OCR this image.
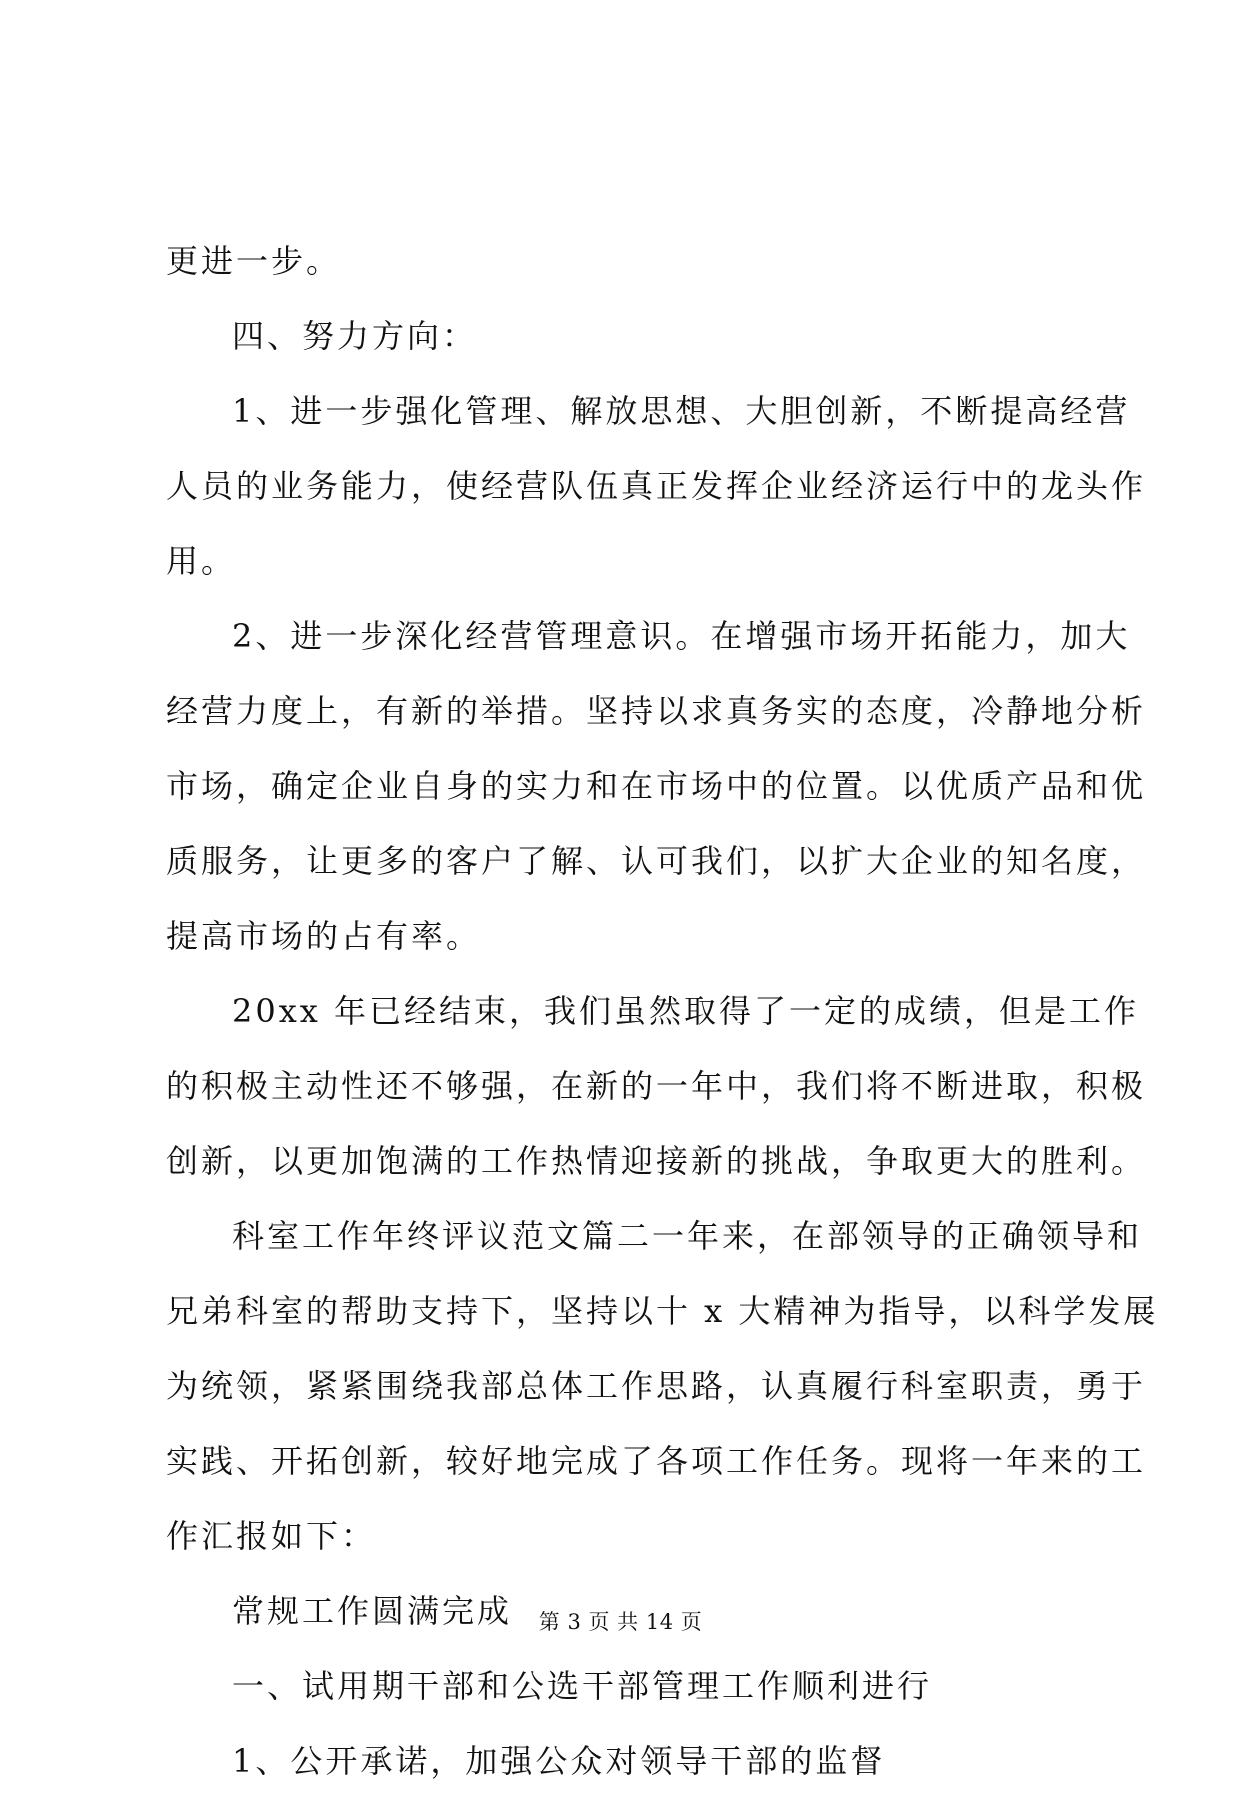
更进一步。
四、努力方向：
1、进一步强化管理、解放思想、大胆创新，不断提高经营
人员的业务能力，使经营队伍真正发挥企业经济运行中的龙头作
用。
2、进一步深化经营管理意识。在增强市场开拓能力，加大
经营力度上，有新的举措。坚持以求真务实的态度，冷静地分析
市场，确定企业自身的实力和在市场中的位置。以优质产品和优
质服务，让更多的客户了解、认可我们，以扩大企业的知名度，
提高市场的占有率。
20xx 年已经结束，我们虽然取得了一定的成绩，但是工作
的积极主动性还不够强，在新的一年中，我们将不断进取，积极
创新，以更加饱满的工作热情迎接新的挑战，争取更大的胜利。
科室工作年终评议范文篇二一年来，在部领导的正确领导和
兄弟科室的帮助支持下，坚持以十 x 大精神为指导，以科学发展
为统领，紧紧围绕我部总体工作思路，认真履行科室职责，勇于
实践、开拓创新，较好地完成了各项工作任务。现将一年来的工
作汇报如下：
常规工作圆满完成
一、试用期干部和公选干部管理工作顺利进行
1、公开承诺，加强公众对领导干部的监督
第 3 页 共 14 页
